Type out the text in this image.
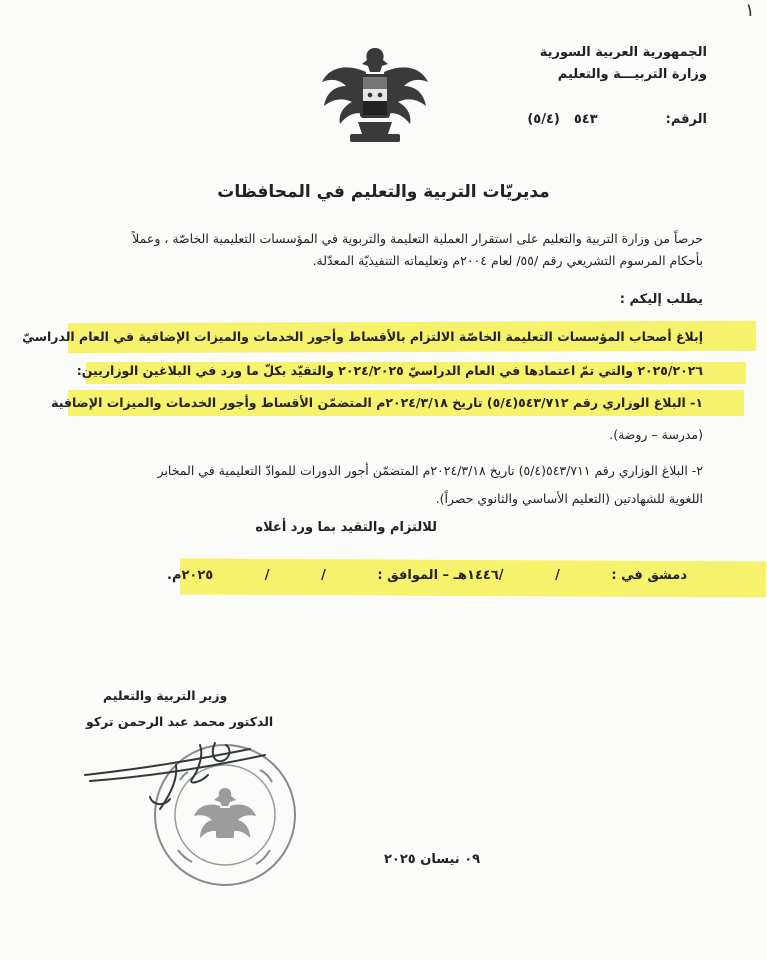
١
الجمهورية العربية السورية
وزارة التربيـــة والتعليم
الرقم:
٥٤٣
(٥/٤)
مديريّات التربية والتعليم في المحافظات
حرصاً من وزارة التربية والتعليم على استقرار العملية التعليمة والتربوية في المؤسسات التعليمية الخاصّة ، وعملاً
بأحكام المرسوم التشريعي رقم /٥٥/ لعام ٢٠٠٤م وتعليماته التنفيذيّة المعدّلة.
يطلب إليكم :
إبلاغ أصحاب المؤسسات التعليمة الخاصّة الالتزام بالأقساط وأجور الخدمات والميزات الإضافية في العام الدراسيّ
٢٠٢٥/٢٠٢٦ والتي تمّ اعتمادها في العام الدراسيّ ٢٠٢٤/٢٠٢٥ والتقيّد بكلّ ما ورد في البلاغين الوزاريين:
١- البلاغ الوزاري رقم ٥٤٣/٧١٢(٥/٤) تاريخ ٢٠٢٤/٣/١٨م المتضمّن الأقساط وأجور الخدمات والميزات الإضافية
(مدرسة – روضة).
٢- البلاغ الوزاري رقم ٥٤٣/٧١١(٥/٤) تاريخ ٢٠٢٤/٣/١٨م المتضمّن أجور الدورات للموادّ التعليمية في المخابر
اللغوية للشهادتين (التعليم الأساسي والثانوي حصراً).
للالتزام والتقيد بما ورد أعلاه
دمشق في :
/
/١٤٤٦هـ – الموافق :
/
/
٢٠٢٥م.
وزير التربية والتعليم
الدكتور محمد عبد الرحمن تركو
٠٩ نيسان ٢٠٢٥
